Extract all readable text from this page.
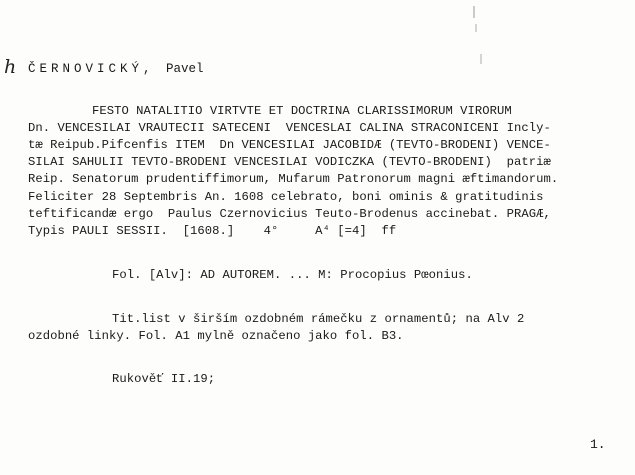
h ČERNOVICKÝ, Pavel
FESTO NATALITIO VIRTVTE ET DOCTRINA CLARISSIMORUM VIRORUM
Dn. VENCESILAI VRAUTECII SATECENI  VENCESLAI CALINA STRACONICENI Incly-
tæ Reipub.Pifcenfis ITEM  Dn VENCESILAI JACOBIDÆ (TEVTO-BRODENI) VENCE-
SILAI SAHULII TEVTO-BRODENI VENCESILAI VODICZKA (TEVTO-BRODENI)  patriæ
Reip. Senatorum prudentiffimorum, Mufarum Patronorum magni æftimandorum.
Feliciter 28 Septembris An. 1608 celebrato, boni ominis & gratitudinis
teftificandæ ergo  Paulus Czernovicius Teuto-Brodenus accinebat. PRAGÆ,
Typis PAULI SESSII.  [1608.]    4°     A⁴ [=4]  ff
Fol. [Alv]: AD AUTOREM. ... M: Procopius Pœonius.
Tit.list v širším ozdobném rámečku z ornamentů; na Alv 2
ozdobné linky. Fol. A1 mylně označeno jako fol. B3.
Rukověť II.19;
1.
